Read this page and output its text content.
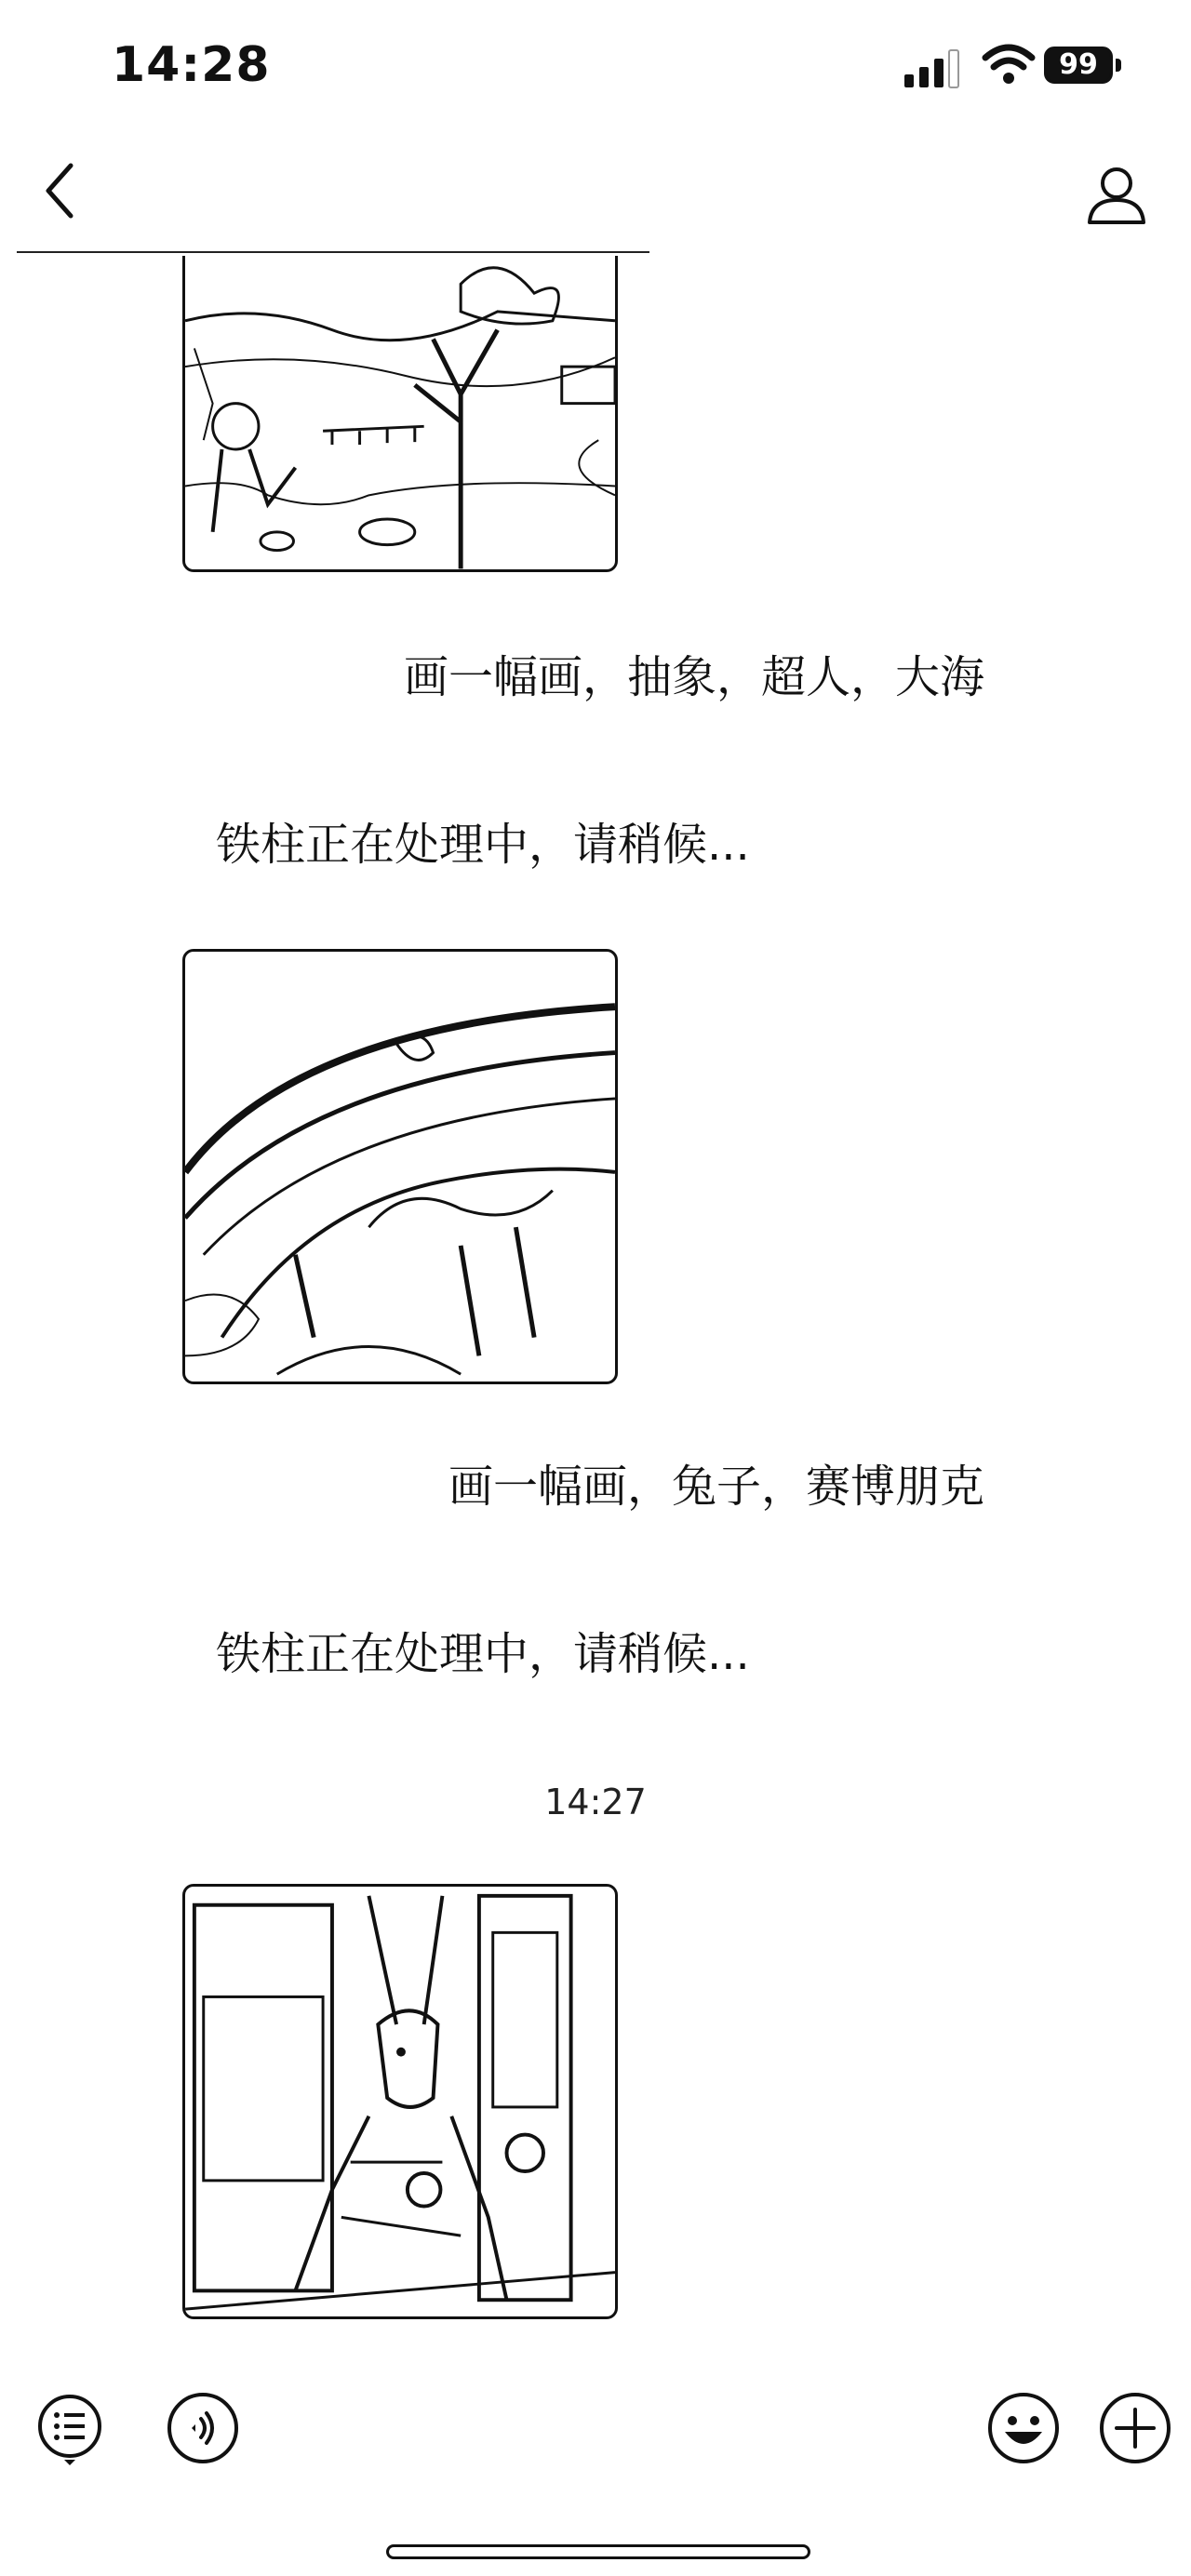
14:28	99
画一幅画，抽象，超人，大海
铁柱正在处理中，请稍候...
画一幅画，兔子，赛博朋克
铁柱正在处理中，请稍候...
14:27
